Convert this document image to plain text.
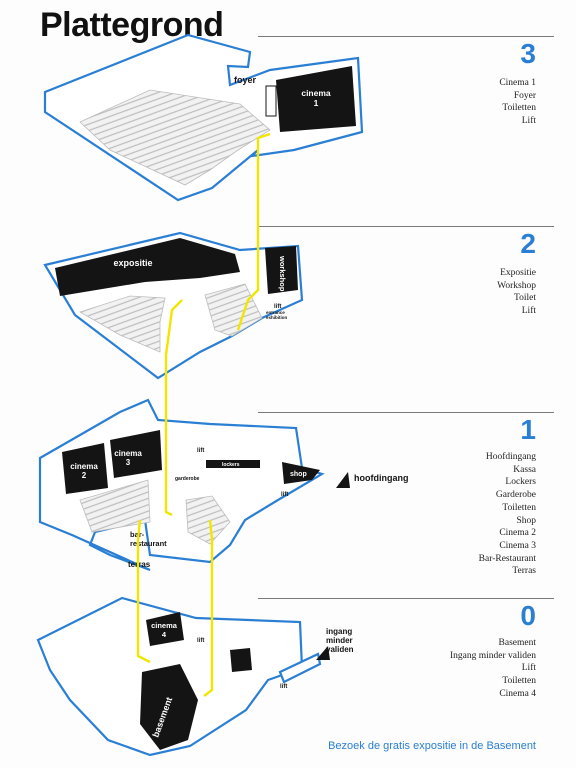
Plattegrond
3
Cinema 1
Foyer
Toiletten
Lift
2
Expositie
Workshop
Toilet
Lift
1
Hoofdingang
Kassa
Lockers
Garderobe
Toiletten
Shop
Cinema 2
Cinema 3
Bar-Restaurant
Terras
0
Basement
Ingang minder validen
Lift
Toiletten
Cinema 4
Bezoek de gratis expositie in de Basement
foyer
cinema
1
lift
expositie	workshop
lift
entrance
exhibition
cinema
2
cinema
3
lift
lockers
shop
lift
garderobe
bar-
restaurant
terras
hoofdingang
cinema
4
lift
basement
ingang
minder
validen
lift
